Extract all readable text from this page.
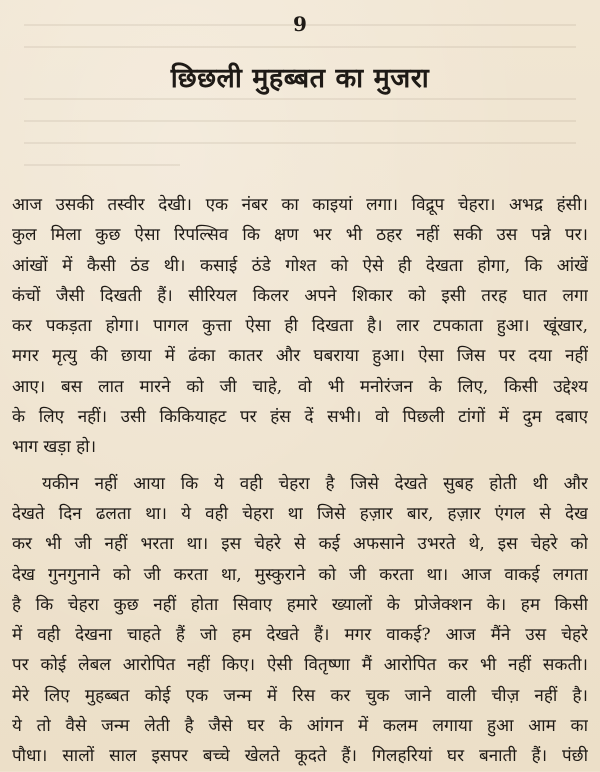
9
छिछली मुहब्बत का मुजरा
आज उसकी तस्वीर देखी। एक नंबर का काइयां लगा। विद्रूप चेहरा। अभद्र हंसी।
कुल मिला कुछ ऐसा रिपल्सिव कि क्षण भर भी ठहर नहीं सकी उस पन्ने पर।
आंखों में कैसी ठंड थी। कसाई ठंडे गोश्त को ऐसे ही देखता होगा, कि आंखें
कंचों जैसी दिखती हैं। सीरियल किलर अपने शिकार को इसी तरह घात लगा
कर पकड़ता होगा। पागल कुत्ता ऐसा ही दिखता है। लार टपकाता हुआ। खूंखार,
मगर मृत्यु की छाया में ढंका कातर और घबराया हुआ। ऐसा जिस पर दया नहीं
आए। बस लात मारने को जी चाहे, वो भी मनोरंजन के लिए, किसी उद्देश्य
के लिए नहीं। उसी किकियाहट पर हंस दें सभी। वो पिछली टांगों में दुम दबाए
भाग खड़ा हो।
यकीन नहीं आया कि ये वही चेहरा है जिसे देखते सुबह होती थी और
देखते दिन ढलता था। ये वही चेहरा था जिसे हज़ार बार, हज़ार एंगल से देख
कर भी जी नहीं भरता था। इस चेहरे से कई अफसाने उभरते थे, इस चेहरे को
देख गुनगुनाने को जी करता था, मुस्कुराने को जी करता था। आज वाकई लगता
है कि चेहरा कुछ नहीं होता सिवाए हमारे ख्यालों के प्रोजेक्शन के। हम किसी
में वही देखना चाहते हैं जो हम देखते हैं। मगर वाकई? आज मैंने उस चेहरे
पर कोई लेबल आरोपित नहीं किए। ऐसी वितृष्णा मैं आरोपित कर भी नहीं सकती।
मेरे लिए मुहब्बत कोई एक जन्म में रिस कर चुक जाने वाली चीज़ नहीं है।
ये तो वैसे जन्म लेती है जैसे घर के आंगन में कलम लगाया हुआ आम का
पौधा। सालों साल इसपर बच्चे खेलते कूदते हैं। गिलहरियां घर बनाती हैं। पंछी
